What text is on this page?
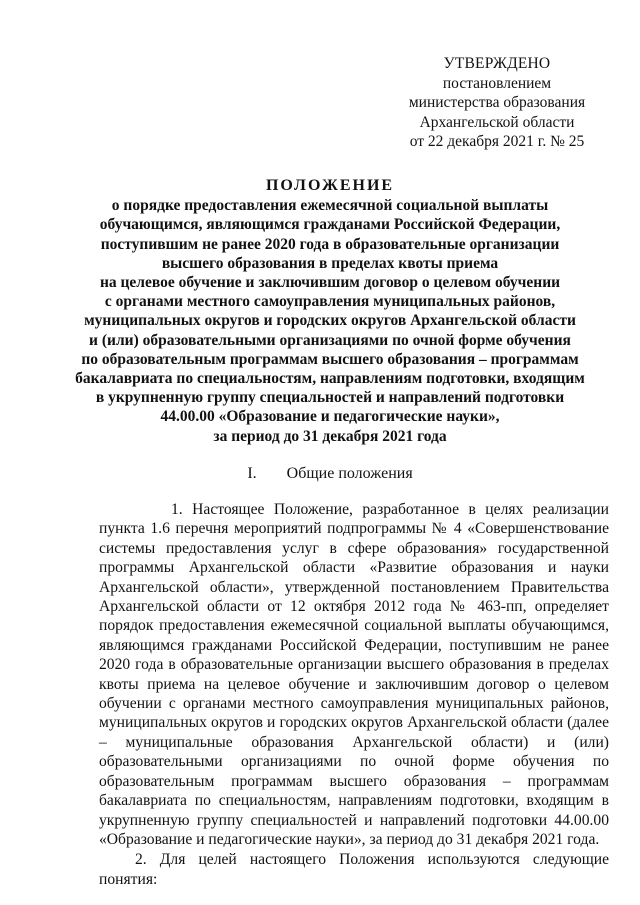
УТВЕРЖДЕНО
постановлением
министерства образования
Архангельской области
от 22 декабря 2021 г. № 25
ПОЛОЖЕНИЕ
о порядке предоставления ежемесячной социальной выплаты
обучающимся, являющимся гражданами Российской Федерации,
поступившим не ранее 2020 года в образовательные организации
высшего образования в пределах квоты приема
на целевое обучение и заключившим договор о целевом обучении
с органами местного самоуправления муниципальных районов,
муниципальных округов и городских округов Архангельской области
и (или) образовательными организациями по очной форме обучения
по образовательным программам высшего образования – программам
бакалавриата по специальностям, направлениям подготовки, входящим
в укрупненную группу специальностей и направлений подготовки
44.00.00 «Образование и педагогические науки»,
за период до 31 декабря 2021 года
I. Общие положения

1. Настоящее Положение, разработанное в целях реализации пункта 1.6 перечня мероприятий подпрограммы № 4 «Совершенствование системы предоставления услуг в сфере образования» государственной программы Архангельской области «Развитие образования и науки Архангельской области», утвержденной постановлением Правительства Архангельской области от 12 октября 2012 года № 463-пп, определяет порядок предоставления ежемесячной социальной выплаты обучающимся, являющимся гражданами Российской Федерации, поступившим не ранее 2020 года в образовательные организации высшего образования в пределах квоты приема на целевое обучение и заключившим договор о целевом обучении с органами местного самоуправления муниципальных районов, муниципальных округов и городских округов Архангельской области (далее – муниципальные образования Архангельской области) и (или) образовательными организациями по очной форме обучения по образовательным программам высшего образования – программам бакалавриата по специальностям, направлениям подготовки, входящим в укрупненную группу специальностей и направлений подготовки 44.00.00 «Образование и педагогические науки», за период до 31 декабря 2021 года.

2. Для целей настоящего Положения используются следующие понятия:
